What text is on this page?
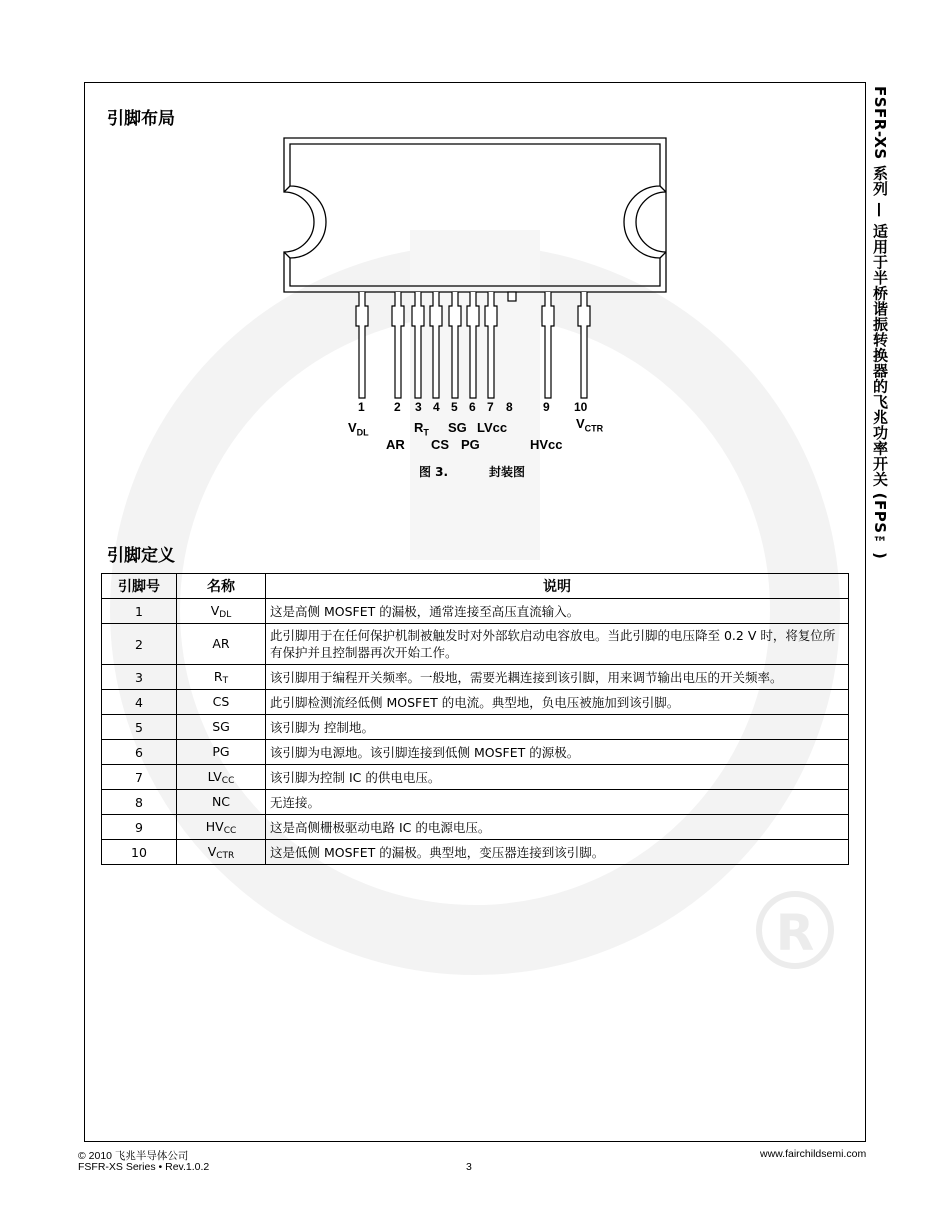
R
FSFR-XS 系列 — 适用于半桥谐振转换器的飞兆功率开关 (FPS™)
引脚布局
1 2 3 4 5 6 7 8	9 10
$V_{DL}$	$R_T$ SG LVcc	$V_{CTR}$
AR CS PG	HVcc
图 3.	封装图
引脚定义
引脚号	名称	说明
1	$V_{DL}$	这是高侧 MOSFET 的漏极，通常连接至高压直流输入。
2	AR	此引脚用于在任何保护机制被触发时对外部软启动电容放电。当此引脚的电压降至 0.2 V 时，将复位所有保护并且控制器再次开始工作。
3	$R_T$	该引脚用于编程开关频率。一般地，需要光耦连接到该引脚，用来调节输出电压的开关频率。
4	CS	此引脚检测流经低侧 MOSFET 的电流。典型地，负电压被施加到该引脚。
5	SG	该引脚为 控制地。
6	PG	该引脚为电源地。该引脚连接到低侧 MOSFET 的源极。
7	$LV_{CC}$	该引脚为控制 IC 的供电电压。
8	NC	无连接。
9	$HV_{CC}$	这是高侧栅极驱动电路 IC 的电源电压。
10	$V_{CTR}$	这是低侧 MOSFET 的漏极。典型地，变压器连接到该引脚。
© 2010 飞兆半导体公司
FSFR-XS Series • Rev.1.0.2	3
www.fairchildsemi.com
